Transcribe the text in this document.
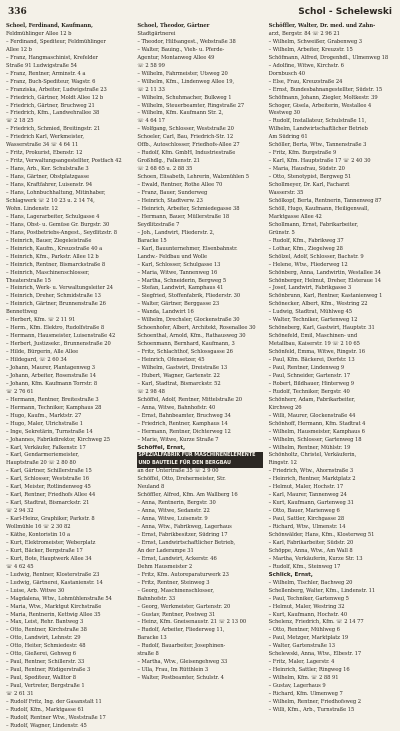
336	Schol - Schelewski
Schoel, Ferdinand, Kaufmann,
Feldmühlinger Allee 12 b
– Ferdinand, Spediteur, Feldmühlinger
Allee 12 b
– Franz, Hangmaschinist, Krefelder
Straße 91 Ludwigstraße 54
– Franz, Rentner, Arminstr. 4 a
– Franz, Buch-Spediteur, Wagstr. 6
– Franziska, Arbeiter, Ludwigstraße 23
– Friedrich, Gärtner, Moldt Allee 12 b
– Friedrich, Gärtner, Bruchweg 21
– Friedrich, Kfm., Landwehrallee 38
☏ 2 18 25
– Friedrich, Schmied, Breitingstr. 21
– Friedrich Karl, Werkmeister,
Wasserstraße 34 ☏ 4 64 11
– Fritz, Prokurist, Ebenstr. 12
– Fritz, Verwaltungsangestellter, Postfach 42
– Hans, Arb., Ker. Schulstraße 3
– Hans, Gärtner, Obstplatzgasse
– Hans, Kraftfahrer, Luisenstr. 94
– Hans, Lohnbuchhaltung, Mitinhaber,
Schlagwerk ☏ 2 10 23 u. 2 14 74,
Wohn. Lindenstr. 12
– Hans, Lagerarbeiter, Schulgasse 4
– Hans, Obst- u. Gemüse Gr. Burgstr. 30
– Hans, Postbetriebs-Angest., Seydlitzstr. 8
– Heinrich, Bauer, Ziegeleistraße
– Heinrich, Kaufm., Kreuzstraße 40 a
– Heinrich, Kfm., Parkstr. Allee 12 b
– Heinrich, Rentner, Bismarckstraße 8
– Heinrich, Maschinenschlosser,
Theaterstraße 15
– Heinrich, Werk- u. Verwaltungsleiter 24
– Heinrich, Dreher, Schmidstraße 13
– Heinrich, Gärtner, Brunnenstraße 26
Bennettweg
– Herbert, Kfm. ☏ 2 11 91
– Herm., Kfm. Elektro, Rudolfstraße 8
– Hermann, Hausmeister, Luisenstraße 42
– Herbert, Justizsekr., Brunnenstraße 20
– Hilde, Bürgerin, Alle Allee
– Hildegard, ☏ 2 60 34
– Johann, Maurer, Plantagenweg 3
– Johann, Arbeiter, Rosenstraße 14
– Johann, Kfm. Kaufmann Torrstr. 8
☏ 2 76 61
– Hermann, Rentner, Breitestraße 3
– Hermann, Techniker, Kamphaus 28
– Hugo, Kaufm., Marktstr. 27
– Hugo, Maler, Ulrichstraße 1
– Inge, Sekretärin, Turnstraße 14
– Johannes, Fabrikdirektor, Kirchweg 25
– Karl, Verkäufer, Falkenstr. 17
– Karl, Gendarmeriemeister,
Hauptstraße 20 ☏ 2 80 80
– Karl, Gärtner, Schillerstraße 15
– Karl, Schlosser, Weststraße 16
– Karl, Meister, Rotlindenweg 45
– Karl, Rentner, Friedhofs Allee 44
– Karl, Stadtrat, Bismarckstr. 21
☏ 2 94 32
– Karl-Heinz, Graphiker, Parkstr. 8
Wollmühle 16 ☏ 2 30 82
– Käthe, Kontoristin 10 a
– Kurt, Elektromeister, Weberplatz
– Kurt, Bäcker, Bergstraße 17
– Kurt, Bote, Hauptwerk Allee 34
☏ 4 62 45
– Ludwig, Rentner, Klosterstraße 23
– Ludwig, Gärtnerei, Kastanienstr. 14
– Luise, Arb. Witwe 30
– Magdalena, Wtw., Lohmühlenstraße 54
– Maria, Wtw., Marktgut Kirchstraße
– Maria, Rentnerin, Kettwig Allee 35
– Max, Leist, Rehr. Bantweg 3
– Otto, Rentner, Kirchstraße 38
– Otto, Landwirt, Lehnstr. 29
– Otto, Heiter, Schmiedestr. 48
– Otto, Gießerei, Gehweg 6
– Paul, Rentner, Schillerstr. 33
– Paul, Rentner, Rüdigerstraße 3
– Paul, Spediteur, Walltor 8
– Paul, Vertreter, Bergstraße 1
☏ 2 61 31
– Rudolf Fritz, Ing. der Gasanstalt 11
– Rudolf, Kfm., Marktgasse 61
– Rudolf, Rentner Wtw., Weststraße 17
– Rudolf, Wagner, Lindenstr. 45
Schoel, Theodor, Gärtner
Stadtgärtnerei
– Theodor, Hilfsangest., Webstraße 38
– Walter, Bauing., Vieh- u. Pferde-
Agentur, Montanweg Allee 49
☏ 2 58 99
– Wilhelm, Fahrmeister, Utsweg 20
– Wilhelm, Kfm., Lindenweg Allee 19,
☏ 2 11 33
– Wilhelm, Schuhmacher, Bulkweg 1
– Wilhelm, Steuerbeamter, Ringstraße 27
– Wilhelm, Kfm. Kaufmann Str. 2,
☏ 4 64 17
– Wolfgang, Schlosser, Weststraße 20
Schoeler, Carl, Bau, Friedrich-Str. 12
Offb., Autoschlosser, Friedhofs-Allee 27
– Rudolf, Kfm. GmbH, Industriestraße
Großhdlg., Falkenstr. 21
☏ 2 68 65 u. 2 88 35
Schoen, Elisabeth, Lehrerin, Walzmühlen 5
– Ewald, Rentner, Rothe Allee 70
– Franz, Bauer, Sunderweg
– Heinrich, Stadtverw. 23
– Heinrich, Arbeiter, Schmiedegasse 38
– Hermann, Bauer, Müllerstraße 18
Seydlitzstraße 7
– Joh., Landwirt, Fliederstr. 2,
Baracke 15
– Karl, Bauunternehmer, Elsenbahnstr.
Landw.- Feldbau und Wolle
– Karl, Schlosser, Schulgasse 13
– Maria, Witwe, Tannenweg 16
– Martha, Schneiderin, Bergweg 5
– Stefan, Landwirt, Kamphaus 41
– Siegfried, Stoffenfabrik, Fliederstr. 30
– Walter, Gärtner, Berggasse 23
– Wanda, Landwirt 16
– Wilhelm, Drechsler, Glockenstraße 30
Schoenhofer, Albert, Architekt, Rosenallee 30
Schoenthal, Arnold, Kfm., Rathausweg 30
Schoenmann, Bernhard, Kaufmann, 3
– Fritz, Schlachthof, Schlossgasse 26
– Heinrich, Ofensetzer, 45
– Wilhelm, Gastwirt, Dreistraße 13
– Hubert, Wagner, Gartenstr. 22
– Karl, Stadtrat, Bismarckstr. 52
☏ 2 98 48
Schöffel, Adolf, Rentner, Mittelstraße 20
– Anna, Witwe, Bahnhofstr. 40
– Ernst, Bahnbeamter, Bruchweg 34
– Friedrich, Rentner, Kamphaus 14
– Hermann, Rentner, Dichterweg 12
– Marie, Witwe, Kurze Straße 7
Schöffel, Ernst,
SPEZIALFABRIK FÜR MASCHINENELEMENTE
UND BAUTEILE FÜR DEN BERGBAU
an der Untertraße 35 ☏ 2 9 00
Schöffel, Otto, Drehermeister, Str.
Neuland 8
Schöffler, Alfred, Kfm. Am Wallberg 16
– Anna, Rentnerin, Bergstr. 30
– Anna, Witwe, Sedanstr. 22
– Anna, Witwe, Luisenstr. 9
– Anna, Wtw., Fabrikweg, Lagerhaus
– Ernst, Fabrikbesitzer, Südring 17
– Ernst, Landwirtschaftlicher Betrieb,
An der Laderampe 31
– Ernst, Landwirt, Ackerstr. 46
Dehm Hausmeister 2
– Fritz, Kfm. Autoreparaturwerk 23
– Fritz, Rentner, Steinweg 3
– Georg, Maschinenschlosser,
Bahnhofstr. 33
– Georg, Werkmeister, Gartenstr. 20
– Gustav, Rentner, Postweg 31
– Heinz, Kfm. Gneisenaustr. 21 ☏ 2 13 00
– Rudolf, Arbeiter, Fliederweg 11,
Baracke 13
– Rudolf, Bauarbeiter, Josephinen-
straße 8
– Martha, Wtw., Gleisengehweg 33
– Ulla, Frau, Im Rütthlein 3
– Walter, Postbeamter, Schulstr. 4
Schöffler, Walter, Dr. med. und Zahn-
arzt, Bergstr. 84 ☏ 2 96 21
– Wilhelm, Schweißer, Grabenweg 3
– Wilhelm, Arbeiter, Kreuzstr. 15
Schöfmann, Alfred, Drogenhdl., Ulmenweg 18
– Adolfine, Witwe, Kirchstr. 6
Dornbusch 40
– Else, Frau, Kreuzstraße 24
– Ernst, Bundesbahnangestellter, Südstr. 15
Schöfmann, Johann, Ziegler, Moltkestr. 39
Schoger, Gisela, Arbeiterin, Westallee 4
Westweg 30
– Rudolf, Installateur, Schulstraße 11,
Wilhelm, Landwirtschaftlicher Betrieb
Am Südring 61
Schöller, Berta, Wtw., Tannenstraße 3
– Fritz, Kfm. Burgstraße 9
– Karl, Kfm. Hauptstraße 17 ☏ 2 40 30
– Maria, Hausfrau, Südstr. 20
– Otto, Stenotypist, Bergweg 51
Schollmeyer, Dr. Karl, Facharzt
Wasserstr. 35
Schölkopf, Berta, Rentnerin, Tannenweg 87
Schöll, Hugo, Kaufmann, Heiligenwall,
Marktgasse Allee 42
Schollmann, Ernst, Fabrikarbeiter,
Grünstr. 5
– Rudolf, Kfm., Fabrikweg 37
– Lothar, Kfm., Ziegelweg 28
Schölzel, Adolf, Schlosser, Bachstr. 9
– Helene, Wtw., Fliederweg 12
Schönberg, Anna, Landwirtin, Westallee 34
Schönberger, Helmut, Dreher, Elsteraue 14
– Josef, Landwirt, Fabrikgasse 3
Schönbrunn, Karl, Rentner, Kastanienweg 1
Schönecker, Albert, Kfm., Westring 22
– Ludwig, Stadtrat, Mühlweg 45
– Walter, Techniker, Gartenweg 12
Schöneberg, Karl, Gastwirt, Hauptstr. 31
Schönefeld, Emil, Maschinen- und
Metallbau, Kaiserstr. 19 ☏ 2 10 65
Schönfeld, Emma, Witwe, Ringstr. 16
– Paul, Kfm. Bäckerei, Dorfstr. 13
– Paul, Rentner, Lindenweg 9
– Paul, Schneider, Gartenstr. 17
– Robert, Bildhauer, Hinterweg 9
– Rudolf, Techniker, Bergstr. 40
Schönherr, Adam, Fabrikarbeiter,
Kirchweg 26
– Willi, Maurer, Glockenstraße 44
Schönhoff, Hermann, Kfm. Stadtrat 4
– Wilhelm, Hausmeister, Kamphaus 6
– Wilhelm, Schlosser, Gartenweg 18
– Wilhelm, Rentner, Mühlstr. 19
Schönholtz, Christel, Verkäuferin,
Ringstr. 12
– Friedrich, Wtw., Ahornstraße 3
– Heinrich, Rentner, Marktplatz 2
– Helmut, Maler, Hochstr. 17
– Karl, Maurer, Tannenweg 24
– Kurt, Kaufmann, Gartenweg 31
– Otto, Bauer, Marienweg 6
– Paul, Sattler, Kirchgasse 28
– Richard, Wtw., Ulmenstr. 14
Schönwälder, Hans, Kfm., Klosterweg 51
– Karl, Fabrikarbeiter, Südstr. 20
Schöppe, Anna, Wtw., Am Wall 8
– Martha, Verkäuferin, Kurze Str. 13
– Rudolf, Kfm., Steinweg 17
Schlick, Ernst,
– Wilhelm, Tischler, Bachweg 20
Schellenberg, Walter, Kfm., Lindenstr. 11
– Paul, Techniker, Gartenweg 5
– Helmut, Maler, Westring 32
– Kurt, Kaufmann, Hochstr. 40
Schelenz, Friedrich, Kfm. ☏ 2 14 77
– Otto, Rentner, Mühlweg 6
– Paul, Metzger, Marktplatz 19
– Walter, Gartenstraße 13
Schelewski, Anna, Wtw., Elbestr. 17
– Fritz, Maler, Lagerstr. 4
– Heinrich, Sattler, Ringweg 16
– Wilhelm, Kfm. ☏ 2 88 91
– Gustav, Lagerhaus 9
– Richard, Kfm. Ulmenweg 7
– Wilhelm, Rentner, Friedhofsweg 2
– Willi, Kfm., Arb., Turnstraße 15
